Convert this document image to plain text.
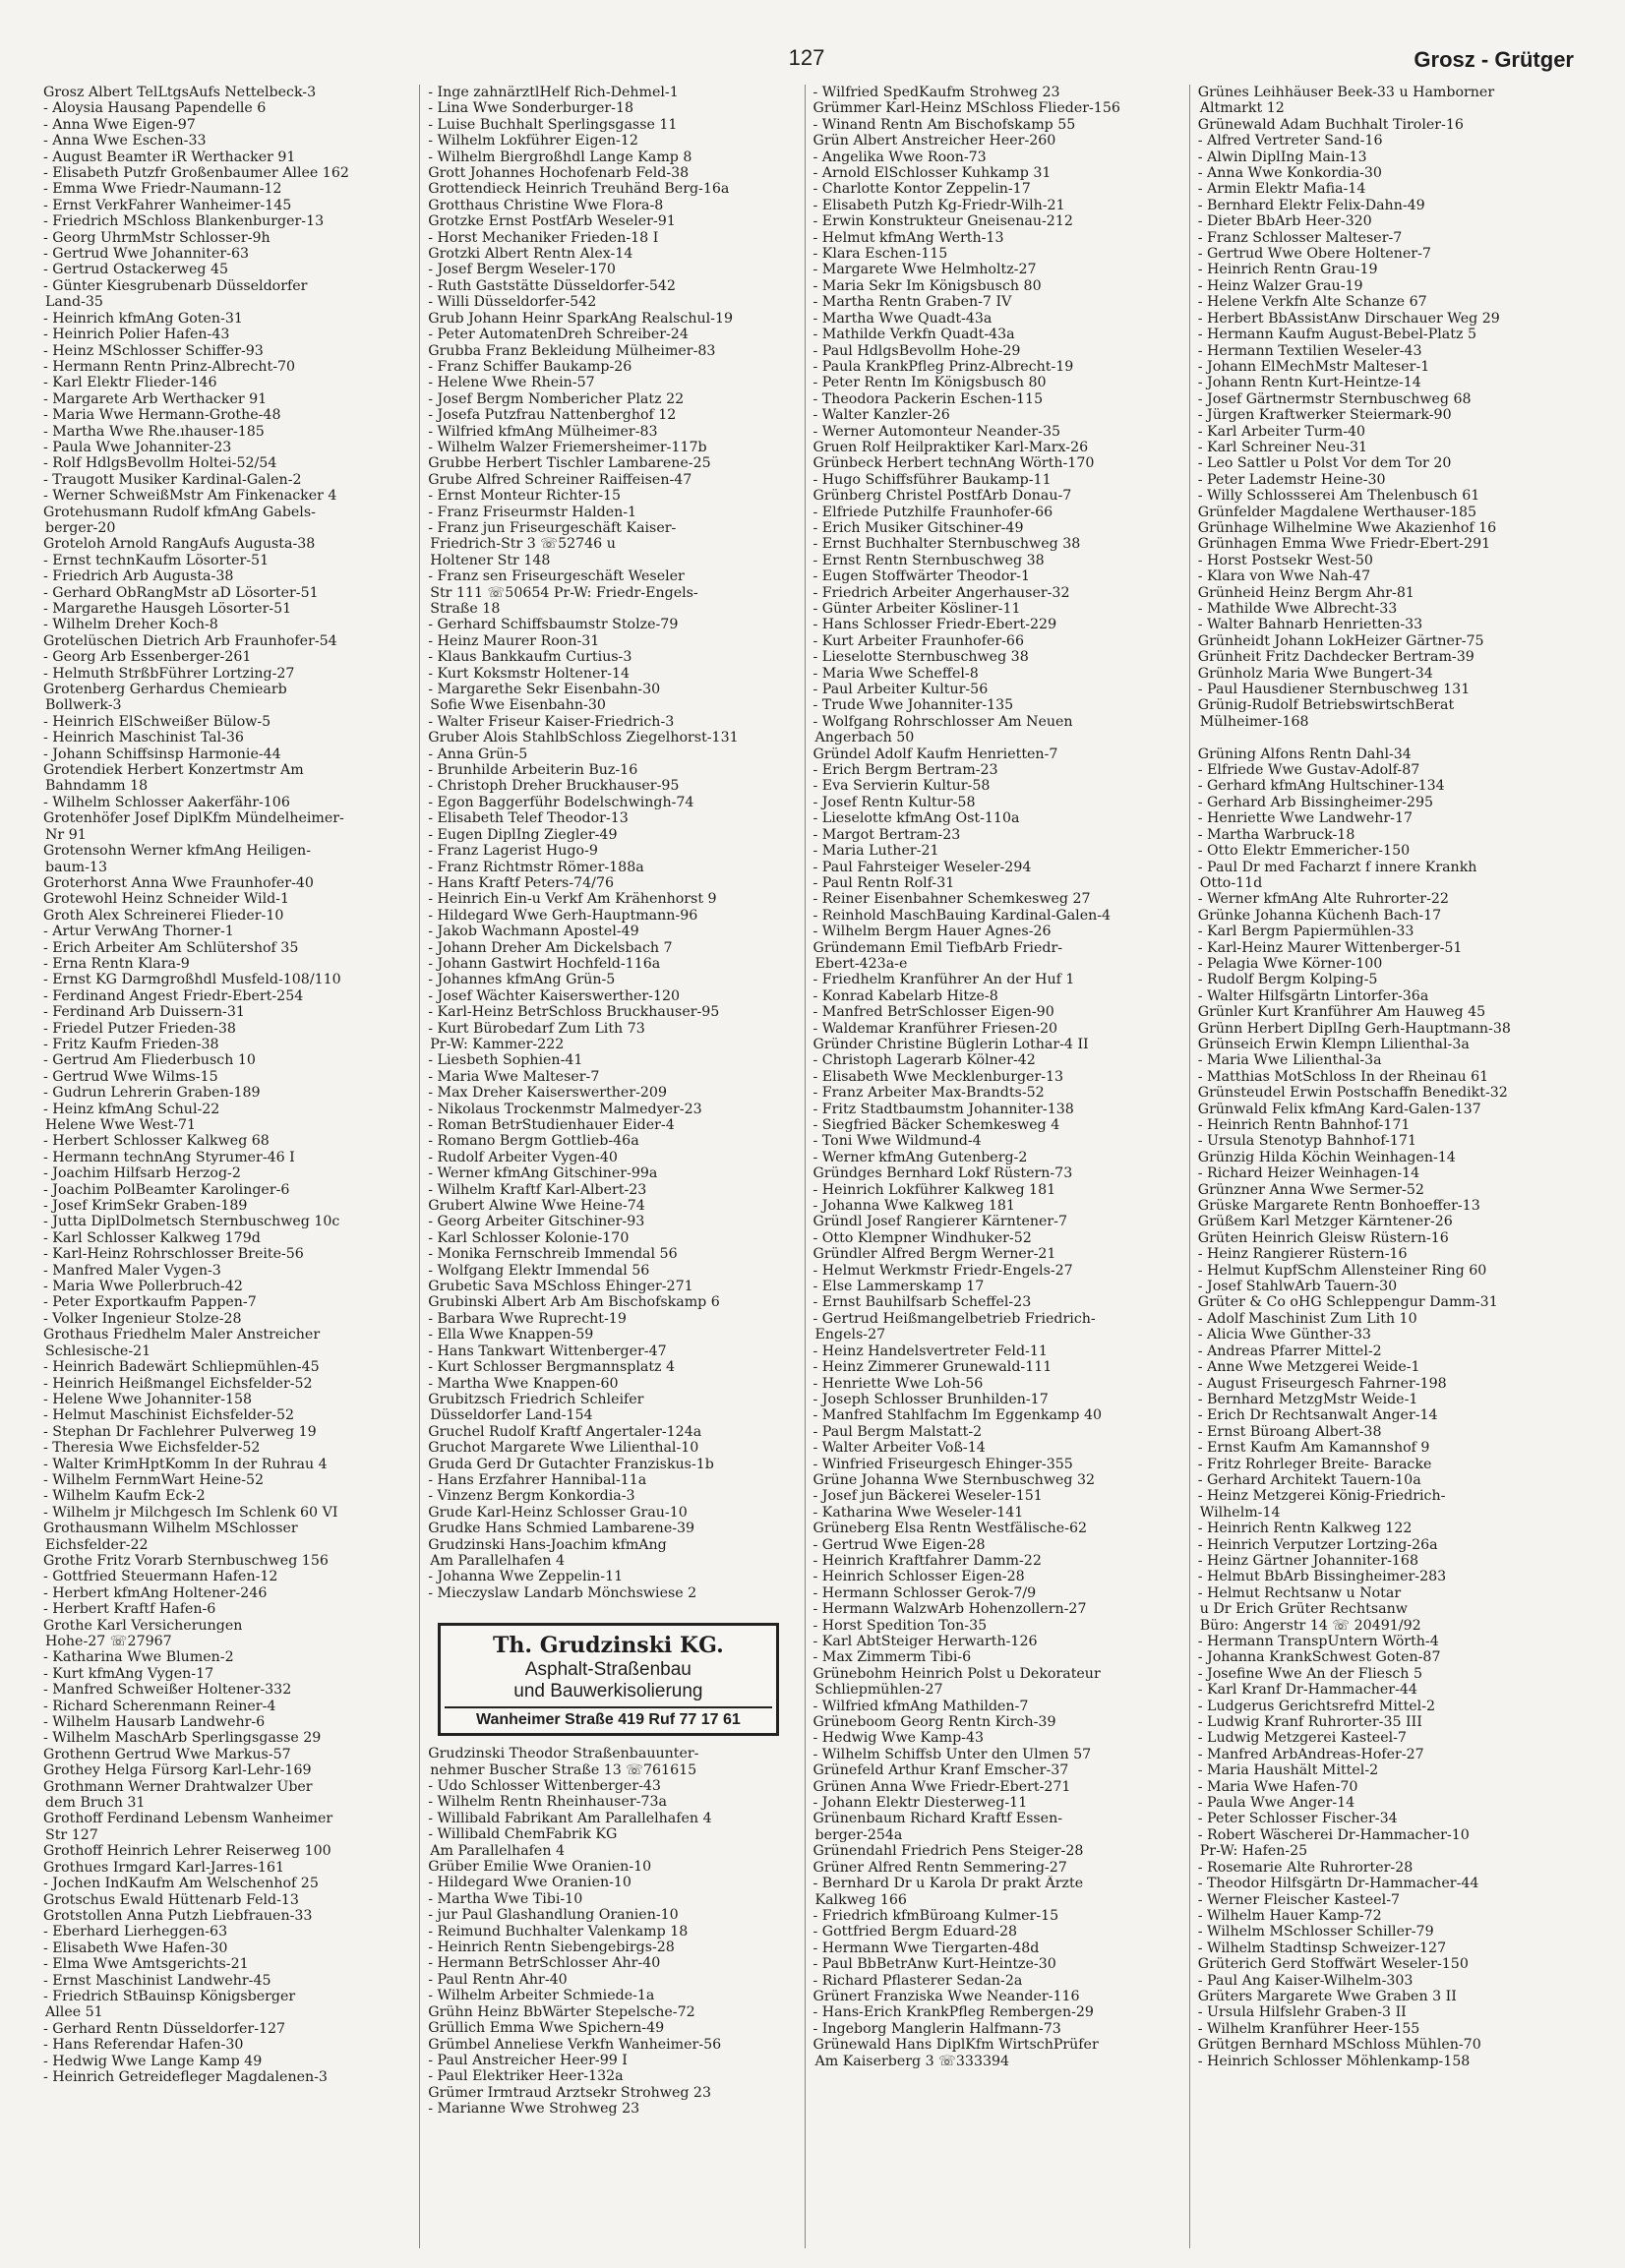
127	Grosz - Grütger
Grosz Albert TelLtgsAufs Nettelbeck-3
- Aloysia Hausang Papendelle 6
- Anna Wwe Eigen-97
- Anna Wwe Eschen-33
- August Beamter iR Werthacker 91
- Elisabeth Putzfr Großenbaumer Allee 162
- Emma Wwe Friedr-Naumann-12
- Ernst VerkFahrer Wanheimer-145
- Friedrich MSchloss Blankenburger-13
- Georg UhrmMstr Schlosser-9h
- Gertrud Wwe Johanniter-63
- Gertrud Ostackerweg 45
- Günter Kiesgrubenarb Düsseldorfer
Land-35
- Heinrich kfmAng Goten-31
- Heinrich Polier Hafen-43
- Heinz MSchlosser Schiffer-93
- Hermann Rentn Prinz-Albrecht-70
- Karl Elektr Flieder-146
- Margarete Arb Werthacker 91
- Maria Wwe Hermann-Grothe-48
- Martha Wwe Rhe.ıhauser-185
- Paula Wwe Johanniter-23
- Rolf HdlgsBevollm Holtei-52/54
- Traugott Musiker Kardinal-Galen-2
- Werner SchweißMstr Am Finkenacker 4
Grotehusmann Rudolf kfmAng Gabels-
berger-20
Groteloh Arnold RangAufs Augusta-38
- Ernst technKaufm Lösorter-51
- Friedrich Arb Augusta-38
- Gerhard ObRangMstr aD Lösorter-51
- Margarethe Hausgeh Lösorter-51
- Wilhelm Dreher Koch-8
Grotelüschen Dietrich Arb Fraunhofer-54
- Georg Arb Essenberger-261
- Helmuth StrßbFührer Lortzing-27
Grotenberg Gerhardus Chemiearb
Bollwerk-3
- Heinrich ElSchweißer Bülow-5
- Heinrich Maschinist Tal-36
- Johann Schiffsinsp Harmonie-44
Grotendiek Herbert Konzertmstr Am
Bahndamm 18
- Wilhelm Schlosser Aakerfähr-106
Grotenhöfer Josef DiplKfm Mündelheimer-
Nr 91
Grotensohn Werner kfmAng Heiligen-
baum-13
Groterhorst Anna Wwe Fraunhofer-40
Grotewohl Heinz Schneider Wild-1
Groth Alex Schreinerei Flieder-10
- Artur VerwAng Thorner-1
- Erich Arbeiter Am Schlütershof 35
- Erna Rentn Klara-9
- Ernst KG Darmgroßhdl Musfeld-108/110
- Ferdinand Angest Friedr-Ebert-254
- Ferdinand Arb Duissern-31
- Friedel Putzer Frieden-38
- Fritz Kaufm Frieden-38
- Gertrud Am Fliederbusch 10
- Gertrud Wwe Wilms-15
- Gudrun Lehrerin Graben-189
- Heinz kfmAng Schul-22
Helene Wwe West-71
- Herbert Schlosser Kalkweg 68
- Hermann technAng Styrumer-46 I
- Joachim Hilfsarb Herzog-2
- Joachim PolBeamter Karolinger-6
- Josef KrimSekr Graben-189
- Jutta DiplDolmetsch Sternbuschweg 10c
- Karl Schlosser Kalkweg 179d
- Karl-Heinz Rohrschlosser Breite-56
- Manfred Maler Vygen-3
- Maria Wwe Pollerbruch-42
- Peter Exportkaufm Pappen-7
- Volker Ingenieur Stolze-28
Grothaus Friedhelm Maler Anstreicher
Schlesische-21
- Heinrich Badewärt Schliepmühlen-45
- Heinrich Heißmangel Eichsfelder-52
- Helene Wwe Johanniter-158
- Helmut Maschinist Eichsfelder-52
- Stephan Dr Fachlehrer Pulverweg 19
- Theresia Wwe Eichsfelder-52
- Walter KrimHptKomm In der Ruhrau 4
- Wilhelm FernmWart Heine-52
- Wilhelm Kaufm Eck-2
- Wilhelm jr Milchgesch Im Schlenk 60 VI
Grothausmann Wilhelm MSchlosser
Eichsfelder-22
Grothe Fritz Vorarb Sternbuschweg 156
- Gottfried Steuermann Hafen-12
- Herbert kfmAng Holtener-246
- Herbert Kraftf Hafen-6
Grothe Karl Versicherungen
Hohe-27 ☏27967
- Katharina Wwe Blumen-2
- Kurt kfmAng Vygen-17
- Manfred Schweißer Holtener-332
- Richard Scherenmann Reiner-4
- Wilhelm Hausarb Landwehr-6
- Wilhelm MaschArb Sperlingsgasse 29
Grothenn Gertrud Wwe Markus-57
Grothey Helga Fürsorg Karl-Lehr-169
Grothmann Werner Drahtwalzer Über
dem Bruch 31
Grothoff Ferdinand Lebensm Wanheimer
Str 127
Grothoff Heinrich Lehrer Reiserweg 100
Grothues Irmgard Karl-Jarres-161
- Jochen IndKaufm Am Welschenhof 25
Grotschus Ewald Hüttenarb Feld-13
Grotstollen Anna Putzh Liebfrauen-33
- Eberhard Lierheggen-63
- Elisabeth Wwe Hafen-30
- Elma Wwe Amtsgerichts-21
- Ernst Maschinist Landwehr-45
- Friedrich StBauinsp Königsberger
Allee 51
- Gerhard Rentn Düsseldorfer-127
- Hans Referendar Hafen-30
- Hedwig Wwe Lange Kamp 49
- Heinrich Getreidefleger Magdalenen-3
- Inge zahnärztlHelf Rich-Dehmel-1
- Lina Wwe Sonderburger-18
- Luise Buchhalt Sperlingsgasse 11
- Wilhelm Lokführer Eigen-12
- Wilhelm Biergroßhdl Lange Kamp 8
Grott Johannes Hochofenarb Feld-38
Grottendieck Heinrich Treuhänd Berg-16a
Grotthaus Christine Wwe Flora-8
Grotzke Ernst PostfArb Weseler-91
- Horst Mechaniker Frieden-18 I
Grotzki Albert Rentn Alex-14
- Josef Bergm Weseler-170
- Ruth Gaststätte Düsseldorfer-542
- Willi Düsseldorfer-542
Grub Johann Heinr SparkAng Realschul-19
- Peter AutomatenDreh Schreiber-24
Grubba Franz Bekleidung Mülheimer-83
- Franz Schiffer Baukamp-26
- Helene Wwe Rhein-57
- Josef Bergm Nombericher Platz 22
- Josefa Putzfrau Nattenberghof 12
- Wilfried kfmAng Mülheimer-83
- Wilhelm Walzer Friemersheimer-117b
Grubbe Herbert Tischler Lambarene-25
Grube Alfred Schreiner Raiffeisen-47
- Ernst Monteur Richter-15
- Franz Friseurmstr Halden-1
- Franz jun Friseurgeschäft Kaiser-
Friedrich-Str 3 ☏52746 u
Holtener Str 148
- Franz sen Friseurgeschäft Weseler
Str 111 ☏50654 Pr-W: Friedr-Engels-
Straße 18
- Gerhard Schiffsbaumstr Stolze-79
- Heinz Maurer Roon-31
- Klaus Bankkaufm Curtius-3
- Kurt Koksmstr Holtener-14
- Margarethe Sekr Eisenbahn-30
Sofie Wwe Eisenbahn-30
- Walter Friseur Kaiser-Friedrich-3
Gruber Alois StahlbSchloss Ziegelhorst-131
- Anna Grün-5
- Brunhilde Arbeiterin Buz-16
- Christoph Dreher Bruckhauser-95
- Egon Baggerführ Bodelschwingh-74
- Elisabeth Telef Theodor-13
- Eugen DiplIng Ziegler-49
- Franz Lagerist Hugo-9
- Franz Richtmstr Römer-188a
- Hans Kraftf Peters-74/76
- Heinrich Ein-u Verkf Am Krähenhorst 9
- Hildegard Wwe Gerh-Hauptmann-96
- Jakob Wachmann Apostel-49
- Johann Dreher Am Dickelsbach 7
- Johann Gastwirt Hochfeld-116a
- Johannes kfmAng Grün-5
- Josef Wächter Kaiserswerther-120
- Karl-Heinz BetrSchloss Bruckhauser-95
- Kurt Bürobedarf Zum Lith 73
Pr-W: Kammer-222
- Liesbeth Sophien-41
- Maria Wwe Malteser-7
- Max Dreher Kaiserswerther-209
- Nikolaus Trockenmstr Malmedyer-23
- Roman BetrStudienhauer Eider-4
- Romano Bergm Gottlieb-46a
- Rudolf Arbeiter Vygen-40
- Werner kfmAng Gitschiner-99a
- Wilhelm Kraftf Karl-Albert-23
Grubert Alwine Wwe Heine-74
- Georg Arbeiter Gitschiner-93
- Karl Schlosser Kolonie-170
- Monika Fernschreib Immendal 56
- Wolfgang Elektr Immendal 56
Grubetic Sava MSchloss Ehinger-271
Grubinski Albert Arb Am Bischofskamp 6
- Barbara Wwe Ruprecht-19
- Ella Wwe Knappen-59
- Hans Tankwart Wittenberger-47
- Kurt Schlosser Bergmannsplatz 4
- Martha Wwe Knappen-60
Grubitzsch Friedrich Schleifer
Düsseldorfer Land-154
Gruchel Rudolf Kraftf Angertaler-124a
Gruchot Margarete Wwe Lilienthal-10
Gruda Gerd Dr Gutachter Franziskus-1b
- Hans Erzfahrer Hannibal-11a
- Vinzenz Bergm Konkordia-3
Grude Karl-Heinz Schlosser Grau-10
Grudke Hans Schmied Lambarene-39
Grudzinski Hans-Joachim kfmAng
Am Parallelhafen 4
- Johanna Wwe Zeppelin-11
- Mieczyslaw Landarb Mönchswiese 2
Th. Grudzinski KG.
Asphalt-Straßenbau
und Bauwerkisolierung
Wanheimer Straße 419 Ruf 77 17 61
Grudzinski Theodor Straßenbauunter-
nehmer Buscher Straße 13 ☏761615
- Udo Schlosser Wittenberger-43
- Wilhelm Rentn Rheinhauser-73a
- Willibald Fabrikant Am Parallelhafen 4
- Willibald ChemFabrik KG
Am Parallelhafen 4
Grüber Emilie Wwe Oranien-10
- Hildegard Wwe Oranien-10
- Martha Wwe Tibi-10
- jur Paul Glashandlung Oranien-10
- Reimund Buchhalter Valenkamp 18
- Heinrich Rentn Siebengebirgs-28
- Hermann BetrSchlosser Ahr-40
- Paul Rentn Ahr-40
- Wilhelm Arbeiter Schmiede-1a
Grühn Heinz BbWärter Stepelsche-72
Grüllich Emma Wwe Spichern-49
Grümbel Anneliese Verkfn Wanheimer-56
- Paul Anstreicher Heer-99 I
- Paul Elektriker Heer-132a
Grümer Irmtraud Arztsekr Strohweg 23
- Marianne Wwe Strohweg 23
- Wilfried SpedKaufm Strohweg 23
Grümmer Karl-Heinz MSchloss Flieder-156
- Winand Rentn Am Bischofskamp 55
Grün Albert Anstreicher Heer-260
- Angelika Wwe Roon-73
- Arnold ElSchlosser Kuhkamp 31
- Charlotte Kontor Zeppelin-17
- Elisabeth Putzh Kg-Friedr-Wilh-21
- Erwin Konstrukteur Gneisenau-212
- Helmut kfmAng Werth-13
- Klara Eschen-115
- Margarete Wwe Helmholtz-27
- Maria Sekr Im Königsbusch 80
- Martha Rentn Graben-7 IV
- Martha Wwe Quadt-43a
- Mathilde Verkfn Quadt-43a
- Paul HdlgsBevollm Hohe-29
- Paula KrankPfleg Prinz-Albrecht-19
- Peter Rentn Im Königsbusch 80
- Theodora Packerin Eschen-115
- Walter Kanzler-26
- Werner Automonteur Neander-35
Gruen Rolf Heilpraktiker Karl-Marx-26
Grünbeck Herbert technAng Wörth-170
- Hugo Schiffsführer Baukamp-11
Grünberg Christel PostfArb Donau-7
- Elfriede Putzhilfe Fraunhofer-66
- Erich Musiker Gitschiner-49
- Ernst Buchhalter Sternbuschweg 38
- Ernst Rentn Sternbuschweg 38
- Eugen Stoffwärter Theodor-1
- Friedrich Arbeiter Angerhauser-32
- Günter Arbeiter Kösliner-11
- Hans Schlosser Friedr-Ebert-229
- Kurt Arbeiter Fraunhofer-66
- Lieselotte Sternbuschweg 38
- Maria Wwe Scheffel-8
- Paul Arbeiter Kultur-56
- Trude Wwe Johanniter-135
- Wolfgang Rohrschlosser Am Neuen
Angerbach 50
Gründel Adolf Kaufm Henrietten-7
- Erich Bergm Bertram-23
- Eva Servierin Kultur-58
- Josef Rentn Kultur-58
- Lieselotte kfmAng Ost-110a
- Margot Bertram-23
- Maria Luther-21
- Paul Fahrsteiger Weseler-294
- Paul Rentn Rolf-31
- Reiner Eisenbahner Schemkesweg 27
- Reinhold MaschBauing Kardinal-Galen-4
- Wilhelm Bergm Hauer Agnes-26
Gründemann Emil TiefbArb Friedr-
Ebert-423a-e
- Friedhelm Kranführer An der Huf 1
- Konrad Kabelarb Hitze-8
- Manfred BetrSchlosser Eigen-90
- Waldemar Kranführer Friesen-20
Gründer Christine Büglerin Lothar-4 II
- Christoph Lagerarb Kölner-42
- Elisabeth Wwe Mecklenburger-13
- Franz Arbeiter Max-Brandts-52
- Fritz Stadtbaumstm Johanniter-138
- Siegfried Bäcker Schemkesweg 4
- Toni Wwe Wildmund-4
- Werner kfmAng Gutenberg-2
Gründges Bernhard Lokf Rüstern-73
- Heinrich Lokführer Kalkweg 181
- Johanna Wwe Kalkweg 181
Gründl Josef Rangierer Kärntener-7
- Otto Klempner Windhuker-52
Gründler Alfred Bergm Werner-21
- Helmut Werkmstr Friedr-Engels-27
- Else Lammerskamp 17
- Ernst Bauhilfsarb Scheffel-23
- Gertrud Heißmangelbetrieb Friedrich-
Engels-27
- Heinz Handelsvertreter Feld-11
- Heinz Zimmerer Grunewald-111
- Henriette Wwe Loh-56
- Joseph Schlosser Brunhilden-17
- Manfred Stahlfachm Im Eggenkamp 40
- Paul Bergm Malstatt-2
- Walter Arbeiter Voß-14
- Winfried Friseurgesch Ehinger-355
Grüne Johanna Wwe Sternbuschweg 32
- Josef jun Bäckerei Weseler-151
- Katharina Wwe Weseler-141
Grüneberg Elsa Rentn Westfälische-62
- Gertrud Wwe Eigen-28
- Heinrich Kraftfahrer Damm-22
- Heinrich Schlosser Eigen-28
- Hermann Schlosser Gerok-7/9
- Hermann WalzwArb Hohenzollern-27
- Horst Spedition Ton-35
- Karl AbtSteiger Herwarth-126
- Max Zimmerm Tibi-6
Grünebohm Heinrich Polst u Dekorateur
Schliepmühlen-27
- Wilfried kfmAng Mathilden-7
Grüneboom Georg Rentn Kirch-39
- Hedwig Wwe Kamp-43
- Wilhelm Schiffsb Unter den Ulmen 57
Grünefeld Arthur Kranf Emscher-37
Grünen Anna Wwe Friedr-Ebert-271
- Johann Elektr Diesterweg-11
Grünenbaum Richard Kraftf Essen-
berger-254a
Grünendahl Friedrich Pens Steiger-28
Grüner Alfred Rentn Semmering-27
- Bernhard Dr u Karola Dr prakt Ärzte
Kalkweg 166
- Friedrich kfmBüroang Kulmer-15
- Gottfried Bergm Eduard-28
- Hermann Wwe Tiergarten-48d
- Paul BbBetrAnw Kurt-Heintze-30
- Richard Pflasterer Sedan-2a
Grünert Franziska Wwe Neander-116
- Hans-Erich KrankPfleg Rembergen-29
- Ingeborg Manglerin Halfmann-73
Grünewald Hans DiplKfm WirtschPrüfer
Am Kaiserberg 3 ☏333394
Grünes Leihhäuser Beek-33 u Hamborner
Altmarkt 12
Grünewald Adam Buchhalt Tiroler-16
- Alfred Vertreter Sand-16
- Alwin DiplIng Main-13
- Anna Wwe Konkordia-30
- Armin Elektr Mafia-14
- Bernhard Elektr Felix-Dahn-49
- Dieter BbArb Heer-320
- Franz Schlosser Malteser-7
- Gertrud Wwe Obere Holtener-7
- Heinrich Rentn Grau-19
- Heinz Walzer Grau-19
- Helene Verkfn Alte Schanze 67
- Herbert BbAssistAnw Dirschauer Weg 29
- Hermann Kaufm August-Bebel-Platz 5
- Hermann Textilien Weseler-43
- Johann ElMechMstr Malteser-1
- Johann Rentn Kurt-Heintze-14
- Josef Gärtnermstr Sternbuschweg 68
- Jürgen Kraftwerker Steiermark-90
- Karl Arbeiter Turm-40
- Karl Schreiner Neu-31
- Leo Sattler u Polst Vor dem Tor 20
- Peter Lademstr Heine-30
- Willy Schlossserei Am Thelenbusch 61
Grünfelder Magdalene Werthauser-185
Grünhage Wilhelmine Wwe Akazienhof 16
Grünhagen Emma Wwe Friedr-Ebert-291
- Horst Postsekr West-50
- Klara von Wwe Nah-47
Grünheid Heinz Bergm Ahr-81
- Mathilde Wwe Albrecht-33
- Walter Bahnarb Henrietten-33
Grünheidt Johann LokHeizer Gärtner-75
Grünheit Fritz Dachdecker Bertram-39
Grünholz Maria Wwe Bungert-34
- Paul Hausdiener Sternbuschweg 131
Grünig-Rudolf BetriebswirtschBerat
Mülheimer-168

Grüning Alfons Rentn Dahl-34
- Elfriede Wwe Gustav-Adolf-87
- Gerhard kfmAng Hultschiner-134
- Gerhard Arb Bissingheimer-295
- Henriette Wwe Landwehr-17
- Martha Warbruck-18
- Otto Elektr Emmericher-150
- Paul Dr med Facharzt f innere Krankh
Otto-11d
- Werner kfmAng Alte Ruhrorter-22
Grünke Johanna Küchenh Bach-17
- Karl Bergm Papiermühlen-33
- Karl-Heinz Maurer Wittenberger-51
- Pelagia Wwe Körner-100
- Rudolf Bergm Kolping-5
- Walter Hilfsgärtn Lintorfer-36a
Grünler Kurt Kranführer Am Hauweg 45
Grünn Herbert DiplIng Gerh-Hauptmann-38
Grünseich Erwin Klempn Lilienthal-3a
- Maria Wwe Lilienthal-3a
- Matthias MotSchloss In der Rheinau 61
Grünsteudel Erwin Postschaffn Benedikt-32
Grünwald Felix kfmAng Kard-Galen-137
- Heinrich Rentn Bahnhof-171
- Ursula Stenotyp Bahnhof-171
Grünzig Hilda Köchin Weinhagen-14
- Richard Heizer Weinhagen-14
Grünzner Anna Wwe Sermer-52
Grüske Margarete Rentn Bonhoeffer-13
Grüßem Karl Metzger Kärntener-26
Grüten Heinrich Gleisw Rüstern-16
- Heinz Rangierer Rüstern-16
- Helmut KupfSchm Allensteiner Ring 60
- Josef StahlwArb Tauern-30
Grüter & Co oHG Schleppengur Damm-31
- Adolf Maschinist Zum Lith 10
- Alicia Wwe Günther-33
- Andreas Pfarrer Mittel-2
- Anne Wwe Metzgerei Weide-1
- August Friseurgesch Fahrner-198
- Bernhard MetzgMstr Weide-1
- Erich Dr Rechtsanwalt Anger-14
- Ernst Büroang Albert-38
- Ernst Kaufm Am Kamannshof 9
- Fritz Rohrleger Breite- Baracke
- Gerhard Architekt Tauern-10a
- Heinz Metzgerei König-Friedrich-
Wilhelm-14
- Heinrich Rentn Kalkweg 122
- Heinrich Verputzer Lortzing-26a
- Heinz Gärtner Johanniter-168
- Helmut BbArb Bissingheimer-283
- Helmut Rechtsanw u Notar
u Dr Erich Grüter Rechtsanw
Büro: Angerstr 14 ☏ 20491/92
- Hermann TranspUntern Wörth-4
- Johanna KrankSchwest Goten-87
- Josefine Wwe An der Fliesch 5
- Karl Kranf Dr-Hammacher-44
- Ludgerus Gerichtsrefrd Mittel-2
- Ludwig Kranf Ruhrorter-35 III
- Ludwig Metzgerei Kasteel-7
- Manfred ArbAndreas-Hofer-27
- Maria Haushält Mittel-2
- Maria Wwe Hafen-70
- Paula Wwe Anger-14
- Peter Schlosser Fischer-34
- Robert Wäscherei Dr-Hammacher-10
Pr-W: Hafen-25
- Rosemarie Alte Ruhrorter-28
- Theodor Hilfsgärtn Dr-Hammacher-44
- Werner Fleischer Kasteel-7
- Wilhelm Hauer Kamp-72
- Wilhelm MSchlosser Schiller-79
- Wilhelm Stadtinsp Schweizer-127
Grüterich Gerd Stoffwärt Weseler-150
- Paul Ang Kaiser-Wilhelm-303
Grüters Margarete Wwe Graben 3 II
- Ursula Hilfslehr Graben-3 II
- Wilhelm Kranführer Heer-155
Grütgen Bernhard MSchloss Mühlen-70
- Heinrich Schlosser Möhlenkamp-158
